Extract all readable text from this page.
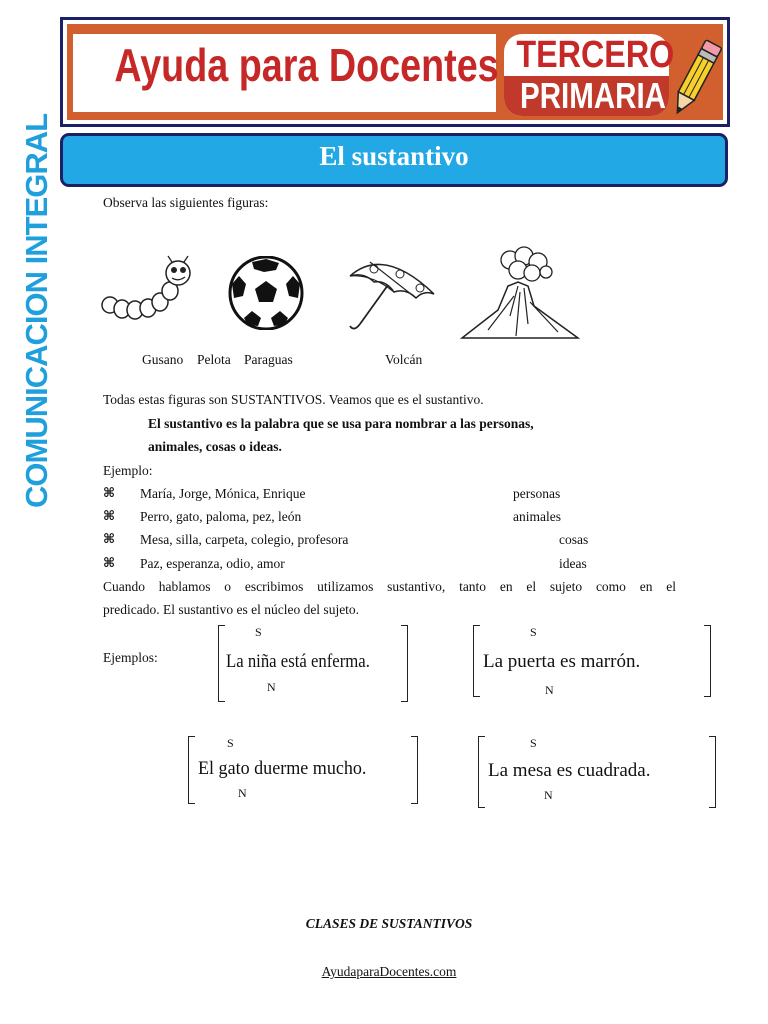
Ayuda para Docentes TERCERO
PRIMARIA
El sustantivo
COMUNICACION INTEGRAL	Observa las siguientes figuras:
Gusano Pelota Paraguas	Volcán
Todas estas figuras son SUSTANTIVOS. Veamos que es el sustantivo.
El sustantivo es la palabra que se usa para nombrar a las personas,
animales, cosas o ideas.
Ejemplo:
⌘ María, Jorge, Mónica, Enrique	personas
⌘ Perro, gato, paloma, pez, león	animales
⌘ Mesa, silla, carpeta, colegio, profesora	cosas
⌘ Paz, esperanza, odio, amor	ideas
Cuando hablamos o escribimos utilizamos sustantivo, tanto en el sujeto como en el
predicado. El sustantivo es el núcleo del sujeto.
Ejemplos:
S
La niña está enferma.
N
S
La puerta es marrón.
N
S
El gato duerme mucho.
N
S
La mesa es cuadrada.
N
CLASES DE SUSTANTIVOS
AyudaparaDocentes.com
